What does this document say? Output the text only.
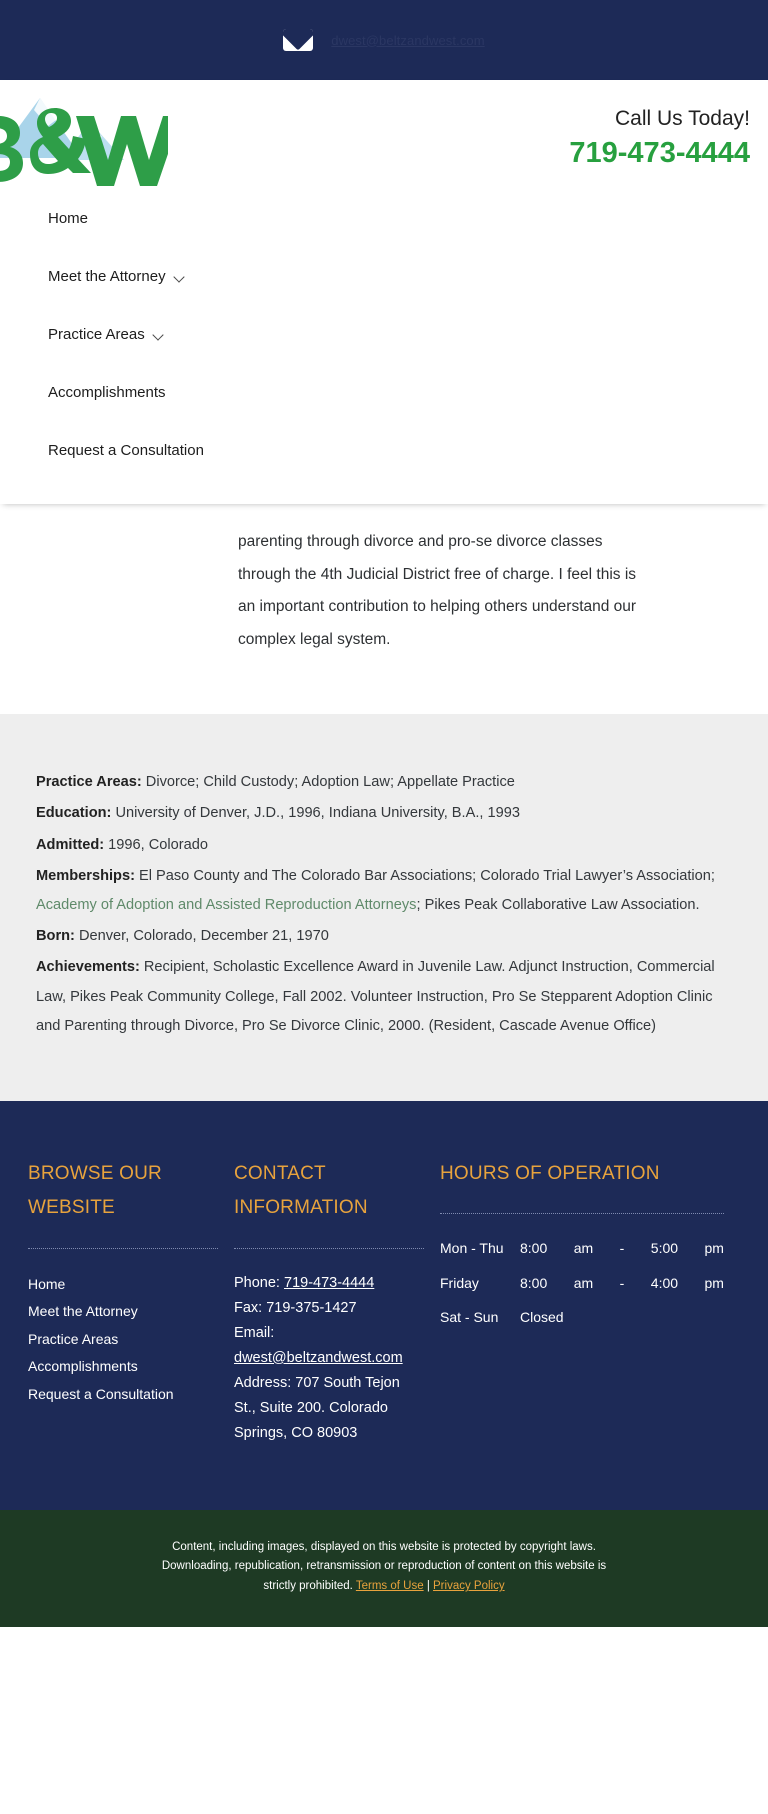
dwest@beltzandwest.com
Call Us Today!
719-473-4444
Home
Meet the Attorney
Practice Areas
Accomplishments
Request a Consultation

parenting through divorce and pro-se divorce classes through the 4th Judicial District free of charge. I feel this is an important contribution to helping others understand our complex legal system.

Practice Areas: Divorce; Child Custody; Adoption Law; Appellate Practice

Education: University of Denver, J.D., 1996, Indiana University, B.A., 1993

Admitted: 1996, Colorado

Memberships: El Paso County and The Colorado Bar Associations; Colorado Trial Lawyer’s Association; Academy of Adoption and Assisted Reproduction Attorneys; Pikes Peak Collaborative Law Association.

Born: Denver, Colorado, December 21, 1970

Achievements: Recipient, Scholastic Excellence Award in Juvenile Law. Adjunct Instruction, Commercial Law, Pikes Peak Community College, Fall 2002. Volunteer Instruction, Pro Se Stepparent Adoption Clinic and Parenting through Divorce, Pro Se Divorce Clinic, 2000. (Resident, Cascade Avenue Office)

BROWSE OUR WEBSITE
Home
Meet the Attorney
Practice Areas
Accomplishments
Request a Consultation
CONTACT INFORMATION
Phone: 719-473-4444
Fax: 719-375-1427
Email:
dwest@beltzandwest.com
Address: 707 South Tejon St., Suite 200. Colorado Springs, CO 80903
HOURS OF OPERATION
Mon - Thu	8:00 am - 5:00 pm
Friday	8:00 am - 4:00 pm
Sat - Sun	Closed

Content, including images, displayed on this website is protected by copyright laws.

Downloading, republication, retransmission or reproduction of content on this website is

strictly prohibited. Terms of Use | Privacy Policy
